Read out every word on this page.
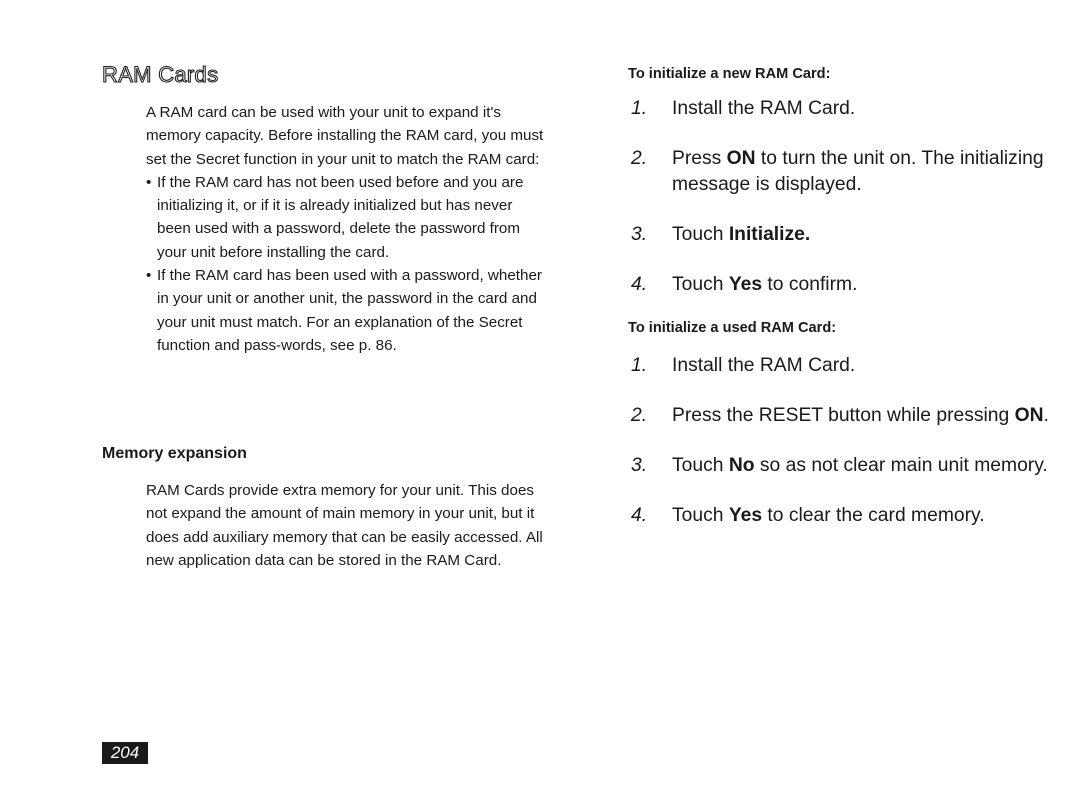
RAM Cards

A RAM card can be used with your unit to expand it's memory capacity. Before installing the RAM card, you must set the Secret function in your unit to match the RAM card:

• If the RAM card has not been used before and you are initializing it, or if it is already initialized but has never been used with a password, delete the password from your unit before installing the card.
• If the RAM card has been used with a password, whether in your unit or another unit, the password in the card and your unit must match. For an explanation of the Secret function and pass-words, see p. 86.
Memory expansion

RAM Cards provide extra memory for your unit. This does not expand the amount of main memory in your unit, but it does add auxiliary memory that can be easily accessed. All new application data can be stored in the RAM Card.

To initialize a new RAM Card:
1. Install the RAM Card.
2. Press ON to turn the unit on. The initializing message is displayed.
3. Touch Initialize.
4. Touch Yes to confirm.
To initialize a used RAM Card:
1. Install the RAM Card.
2. Press the RESET button while pressing ON.
3. Touch No so as not clear main unit memory.
4. Touch Yes to clear the card memory.
204
